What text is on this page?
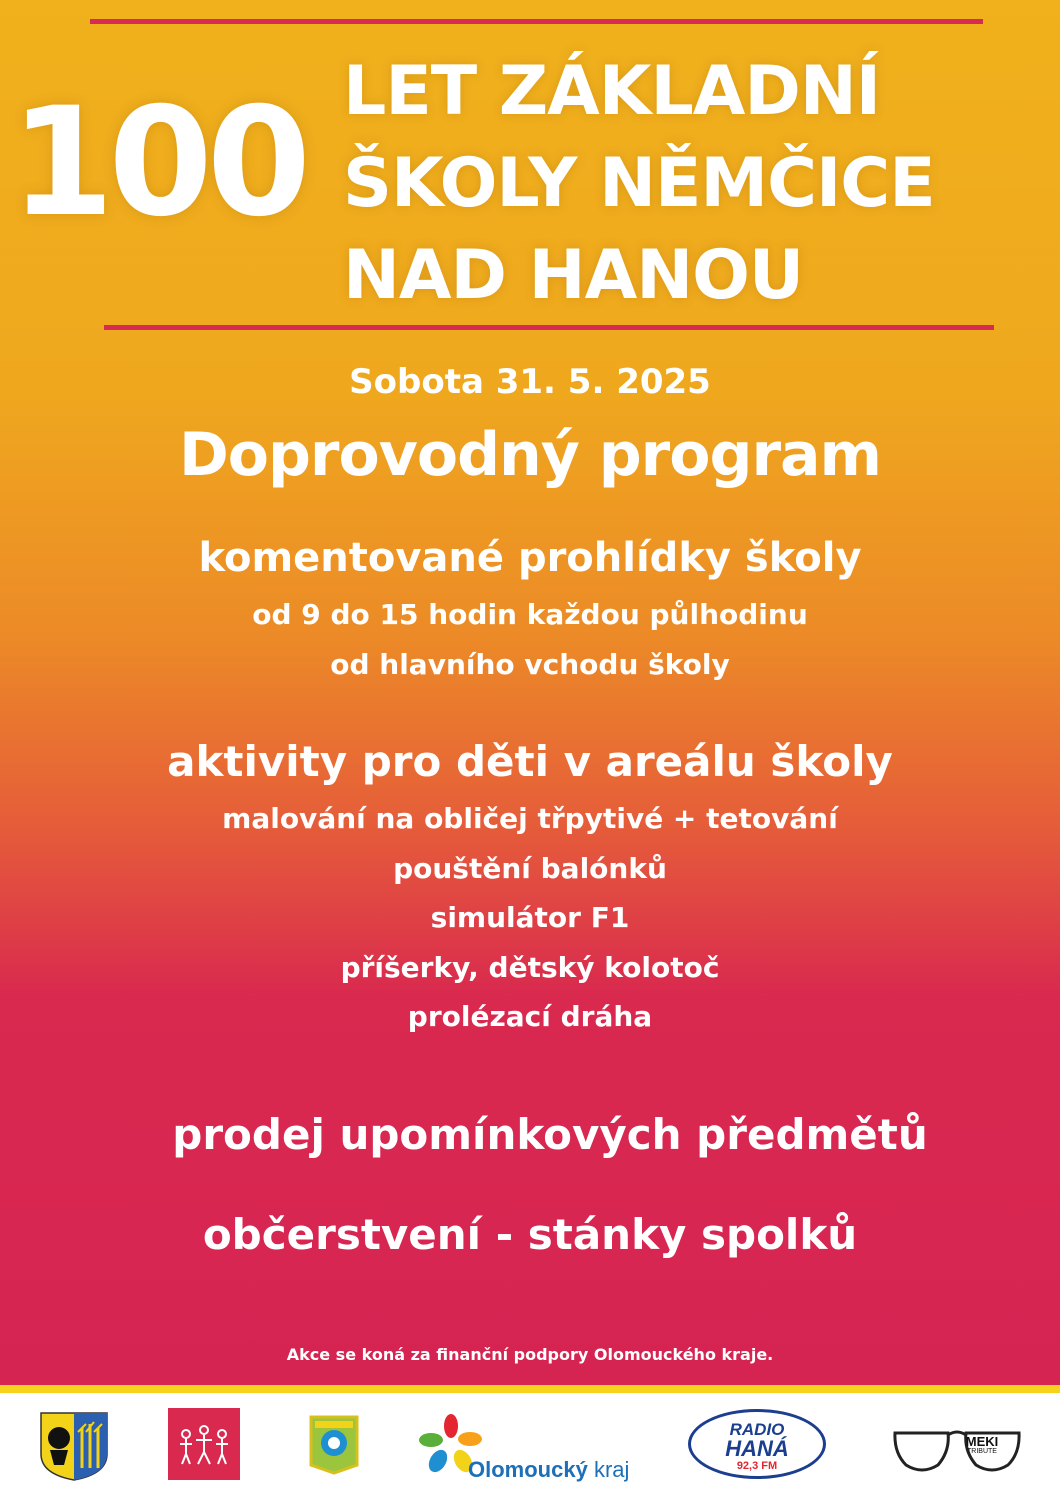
100 LET ZÁKLADNÍ
ŠKOLY NĚMČICE
NAD HANOU
Sobota 31. 5. 2025
Doprovodný program
komentované prohlídky školy
od 9 do 15 hodin každou půlhodinu
od hlavního vchodu školy
aktivity pro děti v areálu školy
malování na obličej třpytivé + tetování
pouštění balónků
simulátor F1
příšerky, dětský kolotoč
prolézací dráha
prodej upomínkových předmětů
občerstvení - stánky spolků
Akce se koná za finanční podpory Olomouckého kraje.
Olomoucký kraj
RADIO
HANÁ
92,3 FM
MEKI
TRIBUTE
